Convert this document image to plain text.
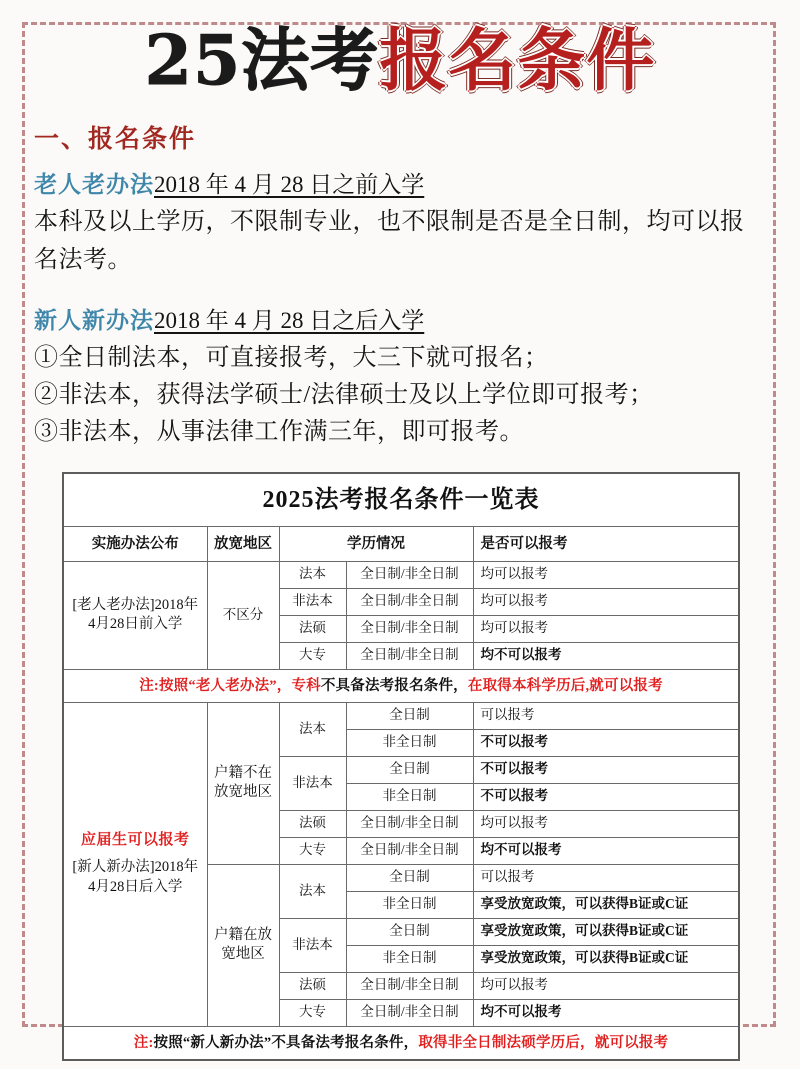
25法考报名条件
一、报名条件
老人老办法2018 年 4 月 28 日之前入学
本科及以上学历，不限制专业，也不限制是否是全日制，均可以报名法考。
新人新办法2018 年 4 月 28 日之后入学
①全日制法本，可直接报考，大三下就可报名；
②非法本，获得法学硕士/法律硕士及以上学位即可报考；
③非法本，从事法律工作满三年，即可报考。
2025法考报名条件一览表				
实施办法公布	放宽地区	学历情况		是否可以报考

[老人老办法]2018年
4月28日前入学	不区分	法本	全日制/非全日制	均可以报考
		非法本	全日制/非全日制	均可以报考
		法硕	全日制/非全日制	均可以报考
		大专	全日制/非全日制	均不可以报考
注:按照“老人老办法”，专科不具备法考报名条件，在取得本科学历后,就可以报考				

应届生可以报考
[新人新办法]2018年
4月28日后入学	户籍不在
放宽地区	法本	全日制	可以报考
			非全日制	不可以报考
		非法本	全日制	不可以报考
			非全日制	不可以报考
		法硕	全日制/非全日制	均可以报考
		大专	全日制/非全日制	均不可以报考

	户籍在放
宽地区	法本	全日制	可以报考
			非全日制	享受放宽政策，可以获得B证或C证
		非法本	全日制	享受放宽政策，可以获得B证或C证
			非全日制	享受放宽政策，可以获得B证或C证
		法硕	全日制/非全日制	均可以报考
		大专	全日制/非全日制	均不可以报考
注:按照“新人新办法”不具备法考报名条件，取得非全日制法硕学历后，就可以报考				
